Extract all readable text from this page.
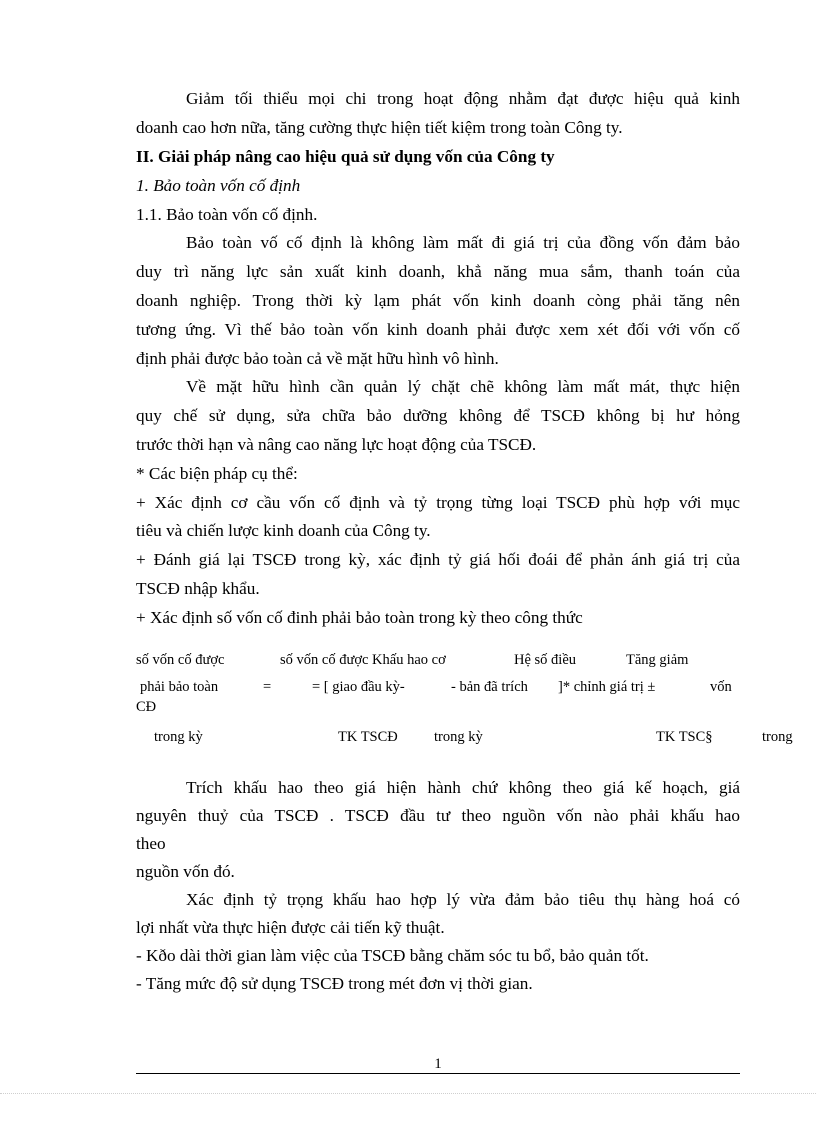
Giảm tối thiểu mọi chi trong hoạt động nhằm đạt được hiệu quả kinh

doanh cao hơn nữa, tăng cường thực hiện tiết kiệm trong toàn Công ty.

II. Giải pháp nâng cao hiệu quả sử dụng vốn của Công ty

1. Bảo toàn vốn cố định

1.1. Bảo toàn vốn cố định.

Bảo toàn vố cố định là không làm mất đi giá trị của đồng vốn đảm bảo

duy trì năng lực sản xuất kinh doanh, khẳ năng mua sắm, thanh toán của

doanh nghiệp. Trong thời kỳ lạm phát vốn kinh doanh còng phải tăng nên

tương ứng. Vì thế bảo toàn vốn kinh doanh phải được xem xét đối với vốn cố

định phải được bảo toàn cả về mặt hữu hình vô hình.

Về mặt hữu hình cần quản lý chặt chẽ không làm mất mát, thực hiện

quy chế sử dụng, sửa chữa bảo dưỡng không để TSCĐ không bị hư hỏng

trước thời hạn và nâng cao năng lực hoạt động của TSCĐ.

* Các biện pháp cụ thể:

+ Xác định cơ cầu vốn cố định và tỷ trọng từng loại TSCĐ phù hợp với mục

tiêu và chiến lược kinh doanh của Công ty.

+ Đánh giá lại TSCĐ trong kỳ, xác định tỷ giá hối đoái để phản ánh giá trị của

TSCĐ nhập khẩu.

+ Xác định số vốn cố đinh phải bảo toàn trong kỳ theo công thức

số vốn cố được	số vốn cố được Khấu hao cơ	Hệ số điều	Tăng giảm
phải bảo toàn	=	= [ giao đầu kỳ-	- bản đã trích ]* chỉnh giá trị ±	vốn
CĐ
trong kỳ	TK TSCĐ trong kỳ	TK TSC§	trong

Trích khấu hao theo giá hiện hành chứ không theo giá kế hoạch, giá

nguyên thuỷ của TSCĐ . TSCĐ đầu tư theo nguồn vốn nào phải khấu hao

theo

nguồn vốn đó.

Xác định tỷ trọng khấu hao hợp lý vừa đảm bảo tiêu thụ hàng hoá có

lợi nhất vừa thực hiện được cải tiến kỹ thuật.

- Kðo dài thời gian làm việc của TSCĐ bằng chăm sóc tu bổ, bảo quản tốt.

- Tăng mức độ sử dụng TSCĐ trong mét đơn vị thời gian.

1
